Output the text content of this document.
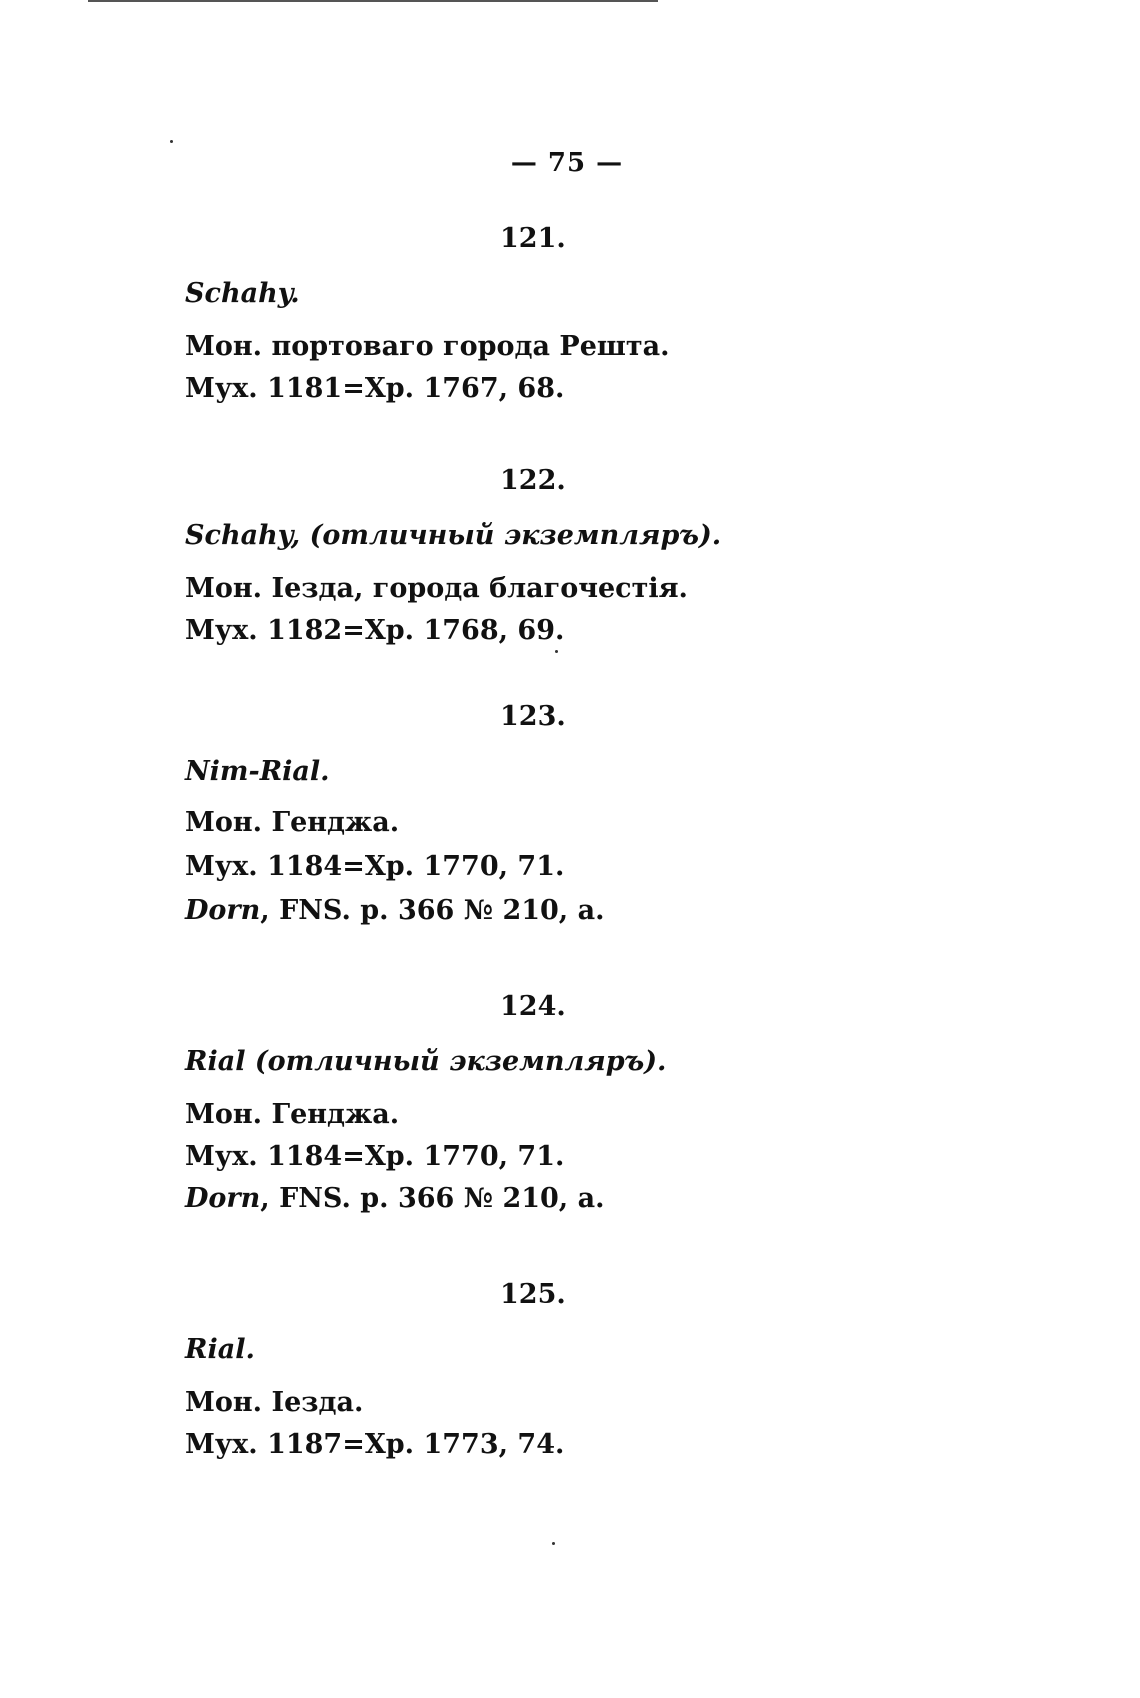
— 75 —
121.
Schahy.
Мон. портоваго города Решта.
Мух. 1181=Хр. 1767, 68.
122.
Schahy, (отличный экземпляръ).
Мон. Iезда, города благочестiя.
Мух. 1182=Хр. 1768, 69.
123.
Nim-Rial.
Мон. Генджа.
Мух. 1184=Хр. 1770, 71.
Dorn, FNS. p. 366 № 210, a.
124.
Rial (отличный экземпляръ).
Мон. Генджа.
Мух. 1184=Хр. 1770, 71.
Dorn, FNS. p. 366 № 210, a.
125.
Rial.
Мон. Iезда.
Мух. 1187=Хр. 1773, 74.
